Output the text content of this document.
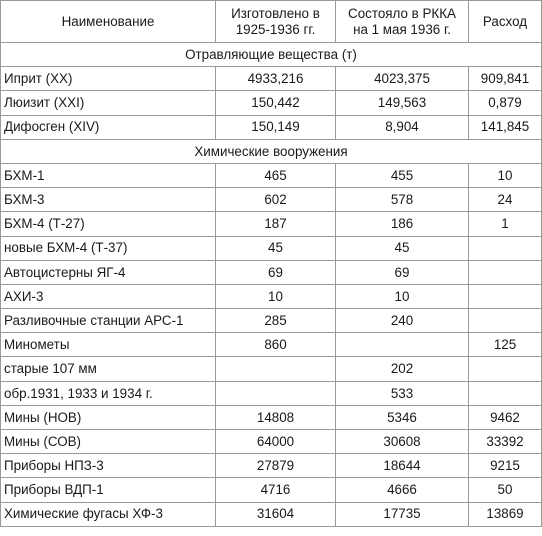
Наименование	Изготовлено в 1925-1936 гг.	Состояло в РККА на 1 мая 1936 г.	Расход
Отравляющие вещества (т)			
Иприт (XX)	4933,216	4023,375	909,841
Люизит (XXI)	150,442	149,563	0,879
Дифосген (XIV)	150,149	8,904	141,845
Химические вооружения			
БХМ-1	465	455	10
БХМ-3	602	578	24
БХМ-4 (Т-27)	187	186	1
новые БХМ-4 (Т-37)	45	45	
Автоцистерны ЯГ-4	69	69	
АХИ-3	10	10	
Разливочные станции АРС-1	285	240	
Минометы	860		125
старые 107 мм		202	
обр.1931, 1933 и 1934 г.		533	
Мины (НОВ)	14808	5346	9462
Мины (СОВ)	64000	30608	33392
Приборы НПЗ-3	27879	18644	9215
Приборы ВДП-1	4716	4666	50
Химические фугасы ХФ-3	31604	17735	13869
